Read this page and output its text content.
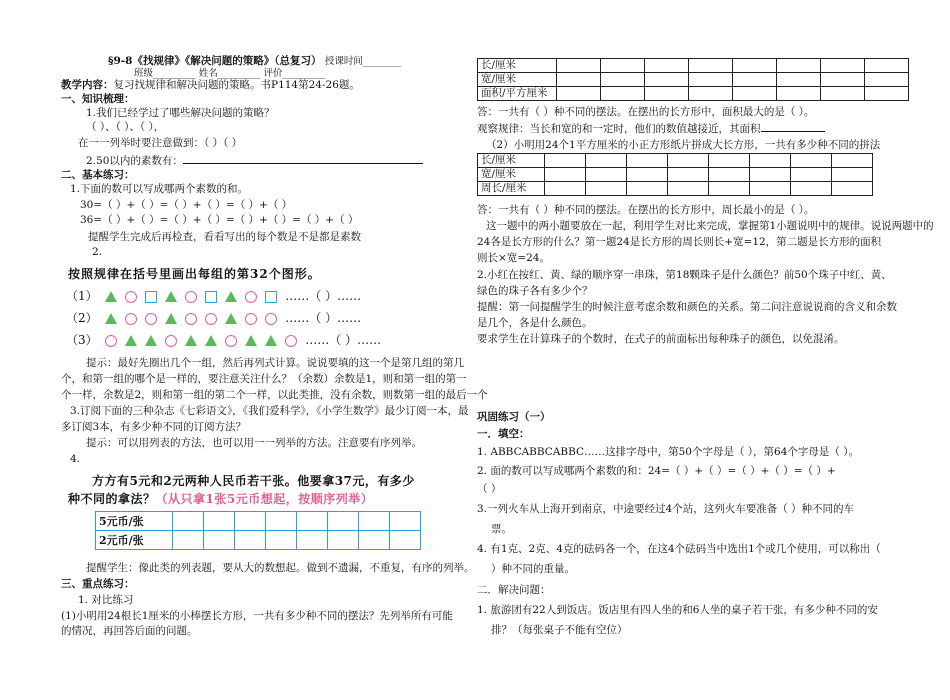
§9-8《找规律》《解决问题的策略》（总复习） 授课时间________
班级_________ 姓名_________ 评价_________
教学内容：复习找规律和解决问题的策略。书P114第24-26题。
一、知识梳理：
1.我们已经学过了哪些解决问题的策略？
（ ）、（ ）、（ ），
在一一列举时要注意做到：（ ）（ ）
2.50以内的素数有：
二、基本练习：
1.下面的数可以写成哪两个素数的和。
30=（ ）+（ ）=（ ）+（ ）=（ ）+（ ）
36=（ ）+（ ）=（ ）+（ ）=（ ）+（ ）=（ ）+（ ）
提醒学生完成后再检查，看看写出的每个数是不是都是素数
2.
按照规律在括号里画出每组的第32个图形。
（1）	……（ ）……
（2）	……（ ）……
（3）	……（ ）……
提示：最好先圈出几个一组，然后再列式计算。说说要填的这一个是第几组的第几
个，和第一组的哪个是一样的，要注意关注什么？（余数）余数是1，则和第一组的第一
个一样，余数是2，则和第一组的第二个一样，以此类推，没有余数，则数第一组的最后一个
3.订阅下面的三种杂志《七彩语文》，《我们爱科学》，《小学生数学》最少订阅一本，最
多订阅3本，有多少种不同的订阅方法？
提示：可以用列表的方法，也可以用一一列举的方法。注意要有序列举。
4.
方方有5元和2元两种人民币若干张。他要拿37元，有多少
种不同的拿法？（从只拿1张5元币想起，按顺序列举）
5元币/张								
2元币/张								
提醒学生：像此类的列表题，要从大的数想起。做到不遗漏，不重复，有序的列举。
三、重点练习：
1. 对比练习
(1)小明用24根长1厘米的小棒摆长方形，一共有多少种不同的摆法？先列举所有可能
的情况，再回答后面的问题。
长/厘米								
宽/厘米								
面积/平方厘米								
答：一共有（ ）种不同的摆法。在摆出的长方形中，面积最大的是（ ）。
观察规律：当长和宽的和一定时，他们的数值越接近，其面积
（2）小明用24个1平方厘米的小正方形纸片拼成大长方形，一共有多少种不同的拼法
长/厘米								
宽/厘米								
周长/厘米								
答：一共有（ ）种不同的摆法。在摆出的长方形中，周长最小的是（ ）。
这一题中的两小题要放在一起，利用学生对比来完成，掌握第1小题说明中的规律。说说两题中的
24各是长方形的什么？第一题24是长方形的周长则长+宽=12，第二题是长方形的面积
则长×宽=24。
2.小红在按红、黄、绿的顺序穿一串珠，第18颗珠子是什么颜色？前50个珠子中红、黄、
绿色的珠子各有多少个？
提醒：第一问提醒学生的时候注意考虑余数和颜色的关系。第二问注意说说商的含义和余数
是几个，各是什么颜色。
要求学生在计算珠子的个数时，在式子的前面标出每种珠子的颜色，以免混淆。
巩固练习（一）
一．填空：
1. ABBCABBCABBC……这排字母中，第50个字母是（ ），第64个字母是（ ）。
2. 面的数可以写成哪两个素数的和：24=（ ）+（ ）=（ ）+（ ）=（ ）+
（ ）
3.一列火车从上海开到南京，中途要经过4个站，这列火车要准备（ ）种不同的车
票。
4. 有1克、2克、4克的砝码各一个，在这4个砝码当中选出1个或几个使用，可以称出（
）种不同的重量。
二．解决问题：
1. 旅游团有22人到饭店。饭店里有四人坐的和6人坐的桌子若干张，有多少种不同的安
排？（每张桌子不能有空位）
